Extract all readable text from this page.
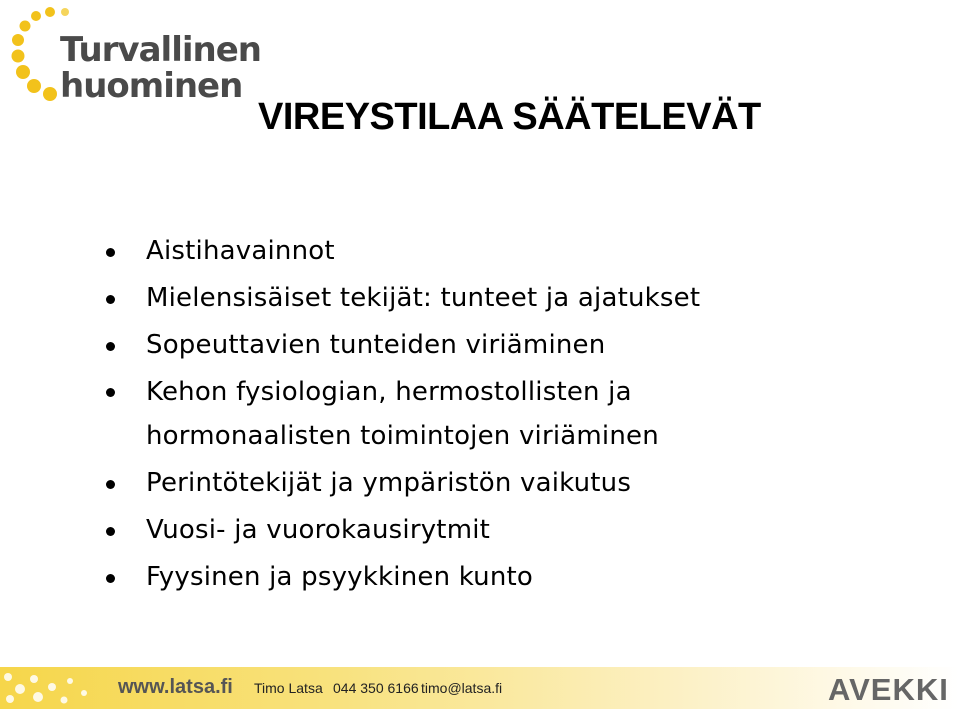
Turvallinen
huominen
VIREYSTILAA SÄÄTELEVÄT
Aistihavainnot
Mielensisäiset tekijät: tunteet ja ajatukset
Sopeuttavien tunteiden viriäminen
Kehon fysiologian, hermostollisten ja hormonaalisten toimintojen viriäminen
Perintötekijät ja ympäristön vaikutus
Vuosi- ja vuorokausirytmit
Fyysinen ja psyykkinen kunto
www.latsa.fi Timo Latsa 044 350 6166 timo@latsa.fi	AVEKKI
